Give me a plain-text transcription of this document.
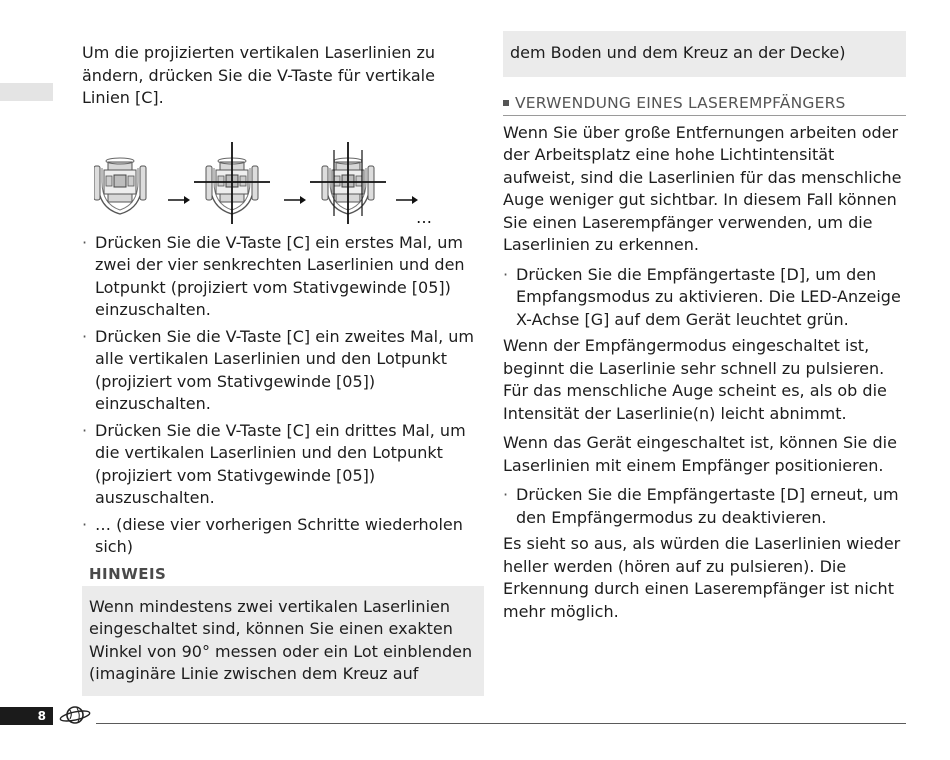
Um die projizierten vertikalen Laserlinien zu ändern, drücken Sie die V-Taste für vertikale Linien [C].

…
· Drücken Sie die V-Taste [C] ein erstes Mal, um zwei der vier senkrechten Laserlinien und den Lotpunkt (projiziert vom Stativgewinde [05]) einzuschalten.
· Drücken Sie die V-Taste [C] ein zweites Mal, um alle vertikalen Laserlinien und den Lotpunkt (projiziert vom Stativgewinde [05]) einzuschalten.
· Drücken Sie die V-Taste [C] ein drittes Mal, um die vertikalen Laserlinien und den Lotpunkt (projiziert vom Stativgewinde [05]) auszuschalten.
· … (diese vier vorherigen Schritte wiederholen sich)
HINWEIS

Wenn mindestens zwei vertikalen Laserlinien eingeschaltet sind, können Sie einen exakten Winkel von 90° messen oder ein Lot einblenden (imaginäre Linie zwischen dem Kreuz auf

dem Boden und dem Kreuz an der Decke)

VERWENDUNG EINES LASEREMPFÄNGERS

Wenn Sie über große Entfernungen arbeiten oder der Arbeitsplatz eine hohe Lichtintensität aufweist, sind die Laserlinien für das menschliche Auge weniger gut sichtbar. In diesem Fall können Sie einen Laserempfänger verwenden, um die Laserlinien zu erkennen.

· Drücken Sie die Empfängertaste [D], um den Empfangsmodus zu aktivieren. Die LED-Anzeige X-Achse [G] auf dem Gerät leuchtet grün.

Wenn der Empfängermodus eingeschaltet ist, beginnt die Laserlinie sehr schnell zu pulsieren. Für das menschliche Auge scheint es, als ob die Intensität der Laserlinie(n) leicht abnimmt.

Wenn das Gerät eingeschaltet ist, können Sie die Laserlinien mit einem Empfänger positionieren.

· Drücken Sie die Empfängertaste [D] erneut, um den Empfängermodus zu deaktivieren.

Es sieht so aus, als würden die Laserlinien wieder heller werden (hören auf zu pulsieren). Die Erkennung durch einen Laserempfänger ist nicht mehr möglich.

8
